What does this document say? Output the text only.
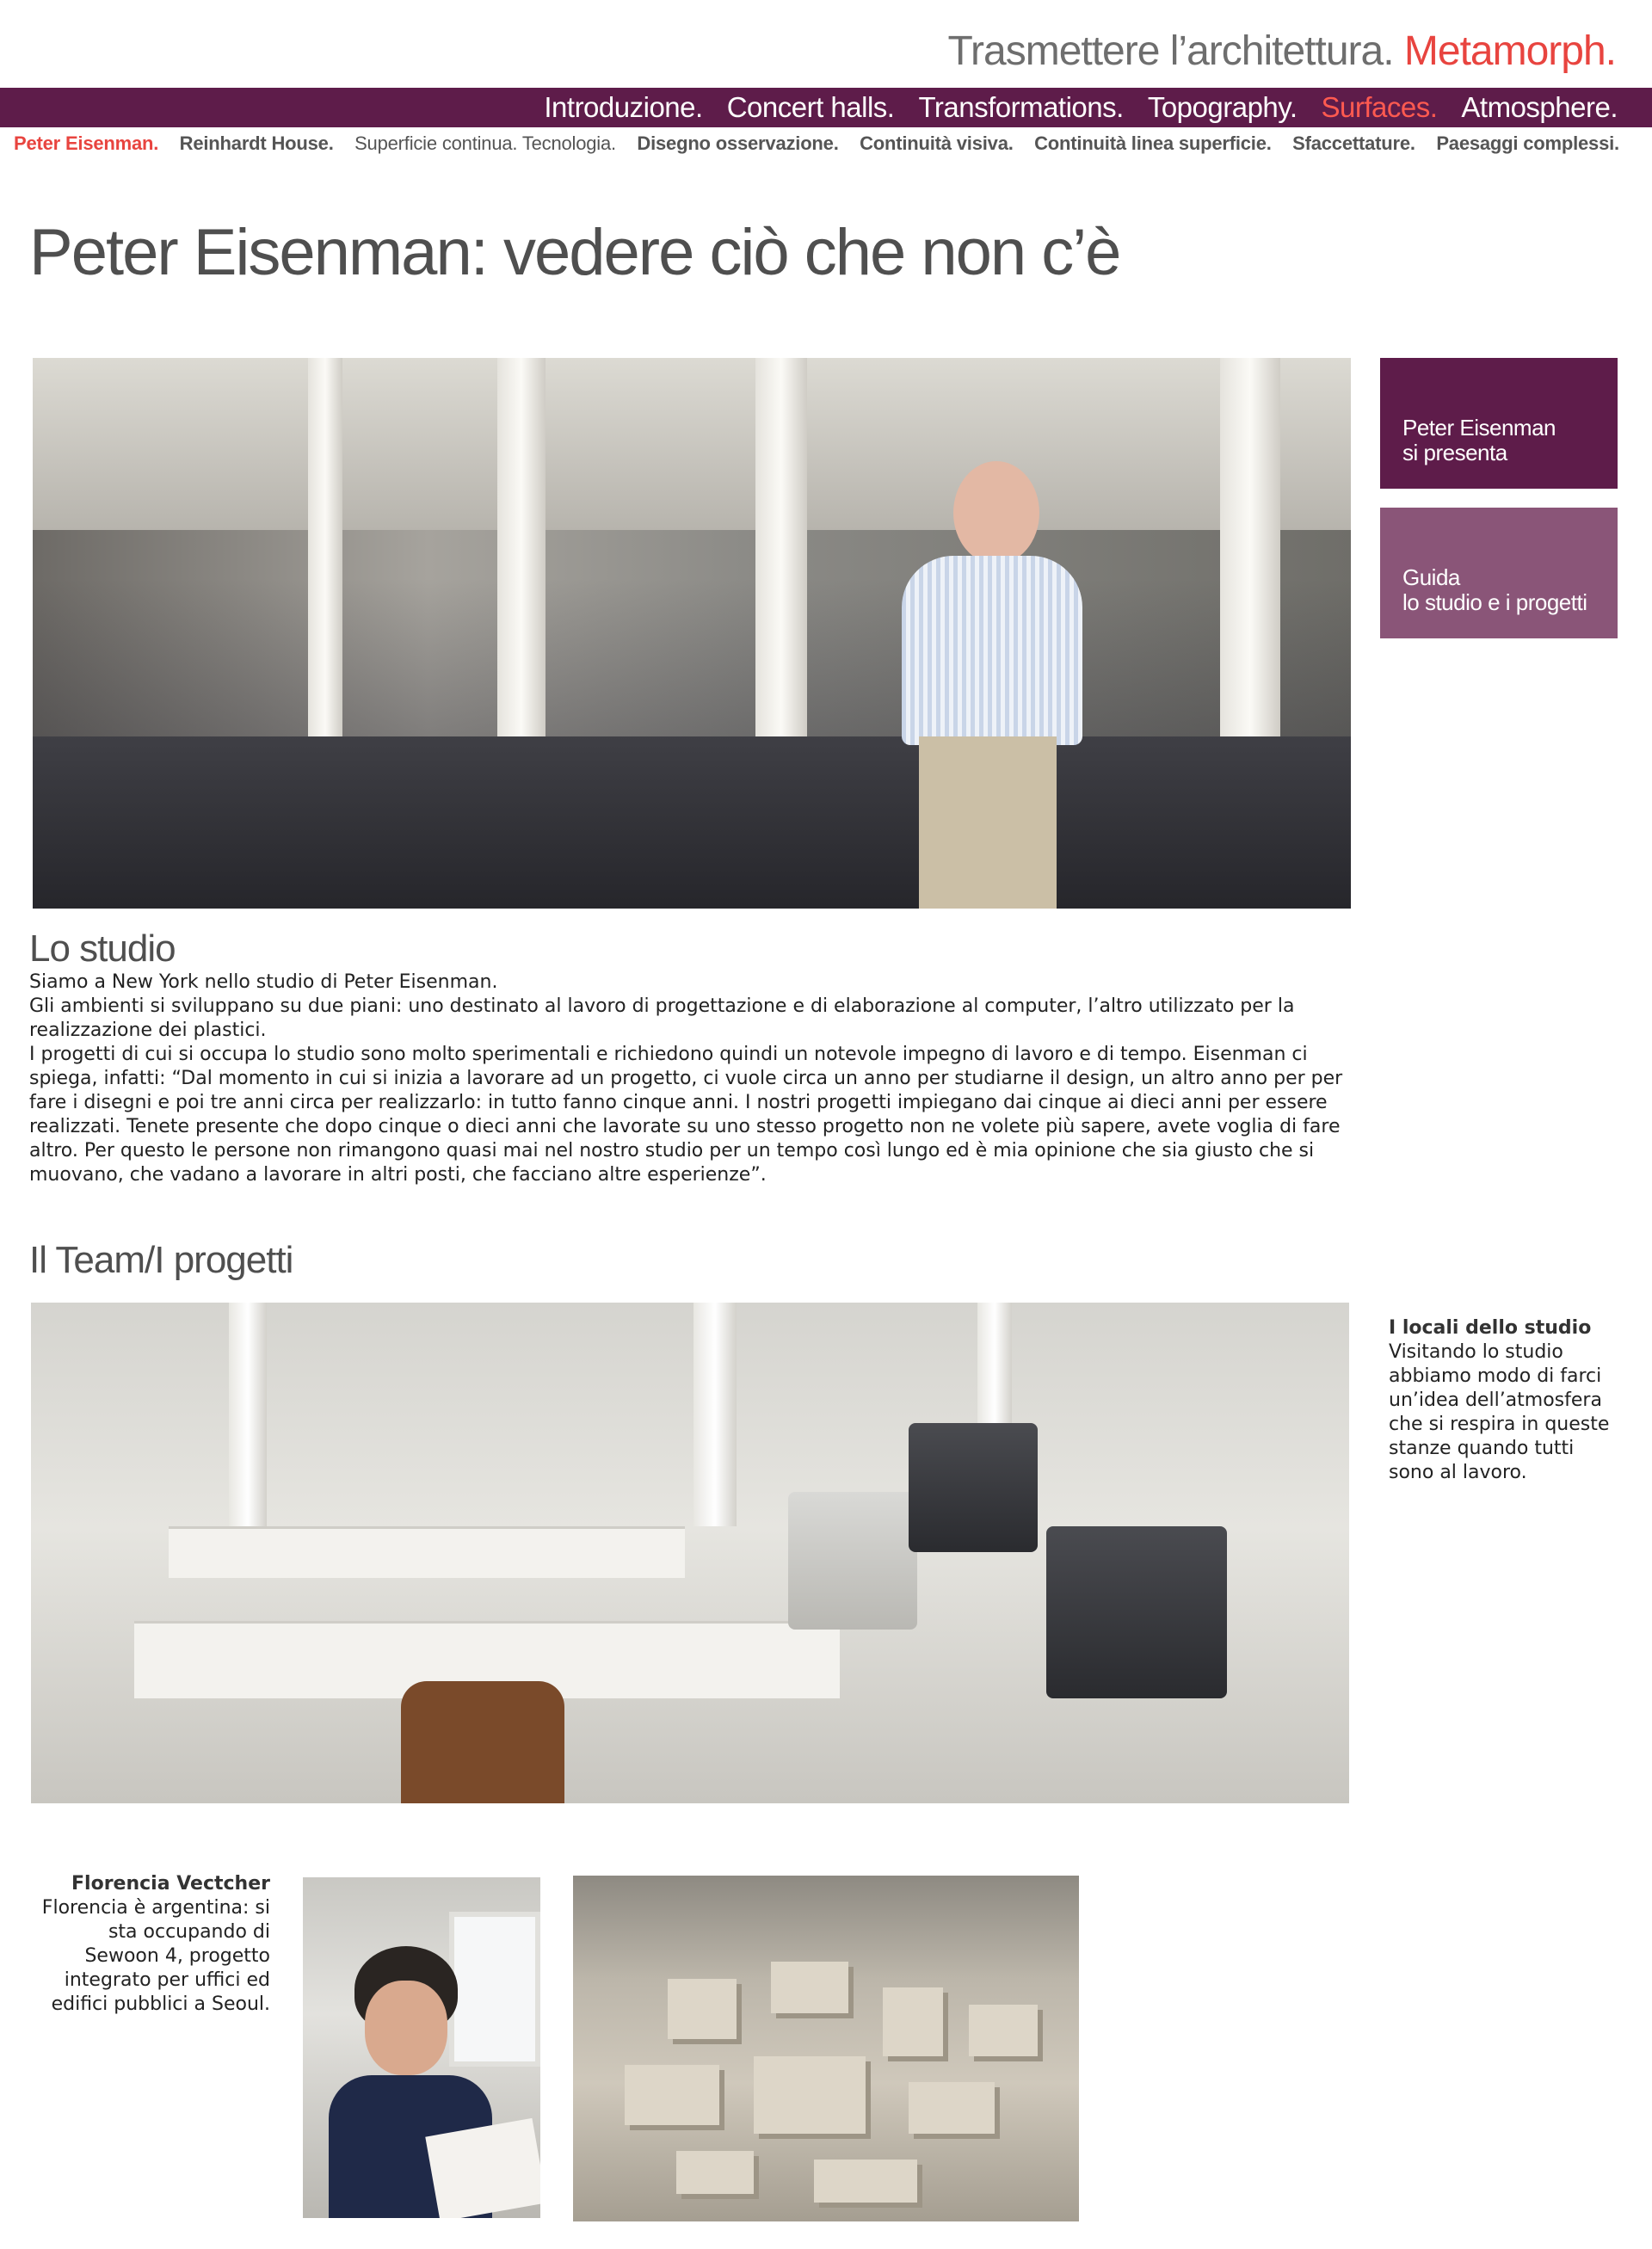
Trasmettere l’architettura. Metamorph.
Introduzione. Concert halls. Transformations. Topography. Surfaces. Atmosphere.
Peter Eisenman. Reinhardt House. Superficie continua. Tecnologia. Disegno osservazione. Continuità visiva. Continuità linea superficie. Sfaccettature. Paesaggi complessi.
Peter Eisenman: vedere ciò che non c’è
Peter Eisenman
si presenta
Guida
lo studio e i progetti
Lo studio

Siamo a New York nello studio di Peter Eisenman.

Gli ambienti si sviluppano su due piani: uno destinato al lavoro di progettazione e di elaborazione al computer, l’altro utilizzato per la realizzazione dei plastici.

I progetti di cui si occupa lo studio sono molto sperimentali e richiedono quindi un notevole impegno di lavoro e di tempo. Eisenman ci spiega, infatti: “Dal momento in cui si inizia a lavorare ad un progetto, ci vuole circa un anno per studiarne il design, un altro anno per per fare i disegni e poi tre anni circa per realizzarlo: in tutto fanno cinque anni. I nostri progetti impiegano dai cinque ai dieci anni per essere realizzati. Tenete presente che dopo cinque o dieci anni che lavorate su uno stesso progetto non ne volete più sapere, avete voglia di fare altro. Per questo le persone non rimangono quasi mai nel nostro studio per un tempo così lungo ed è mia opinione che sia giusto che si muovano, che vadano a lavorare in altri posti, che facciano altre esperienze”.

Il Team/I progetti
I locali dello studio
Visitando lo studio abbiamo modo di farci un’idea dell’atmosfera che si respira in queste stanze quando tutti sono al lavoro.
Florencia Vectcher
Florencia è argentina: si sta occupando di Sewoon 4, progetto integrato per uffici ed edifici pubblici a Seoul.
